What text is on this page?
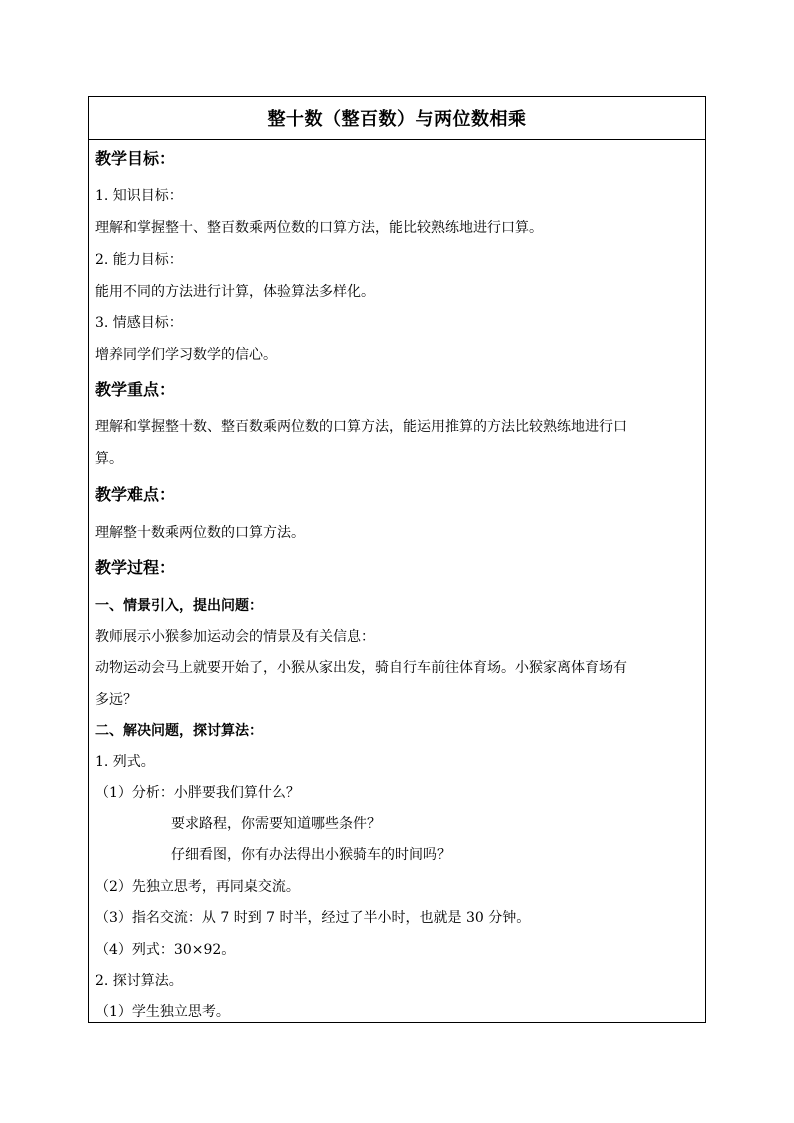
整十数（整百数）与两位数相乘
教学目标：
1. 知识目标：
理解和掌握整十、整百数乘两位数的口算方法，能比较熟练地进行口算。
2. 能力目标：
能用不同的方法进行计算，体验算法多样化。
3. 情感目标：
增养同学们学习数学的信心。
教学重点：
理解和掌握整十数、整百数乘两位数的口算方法，能运用推算的方法比较熟练地进行口
算。
教学难点：
理解整十数乘两位数的口算方法。
教学过程：
一、情景引入，提出问题：
教师展示小猴参加运动会的情景及有关信息：
动物运动会马上就要开始了，小猴从家出发，骑自行车前往体育场。小猴家离体育场有
多远？
二、解决问题，探讨算法：
1. 列式。
（1）分析：小胖要我们算什么？
要求路程，你需要知道哪些条件？
仔细看图，你有办法得出小猴骑车的时间吗？
（2）先独立思考，再同桌交流。
（3）指名交流：从 7 时到 7 时半，经过了半小时，也就是 30 分钟。
（4）列式：30×92。
2. 探讨算法。
（1）学生独立思考。
